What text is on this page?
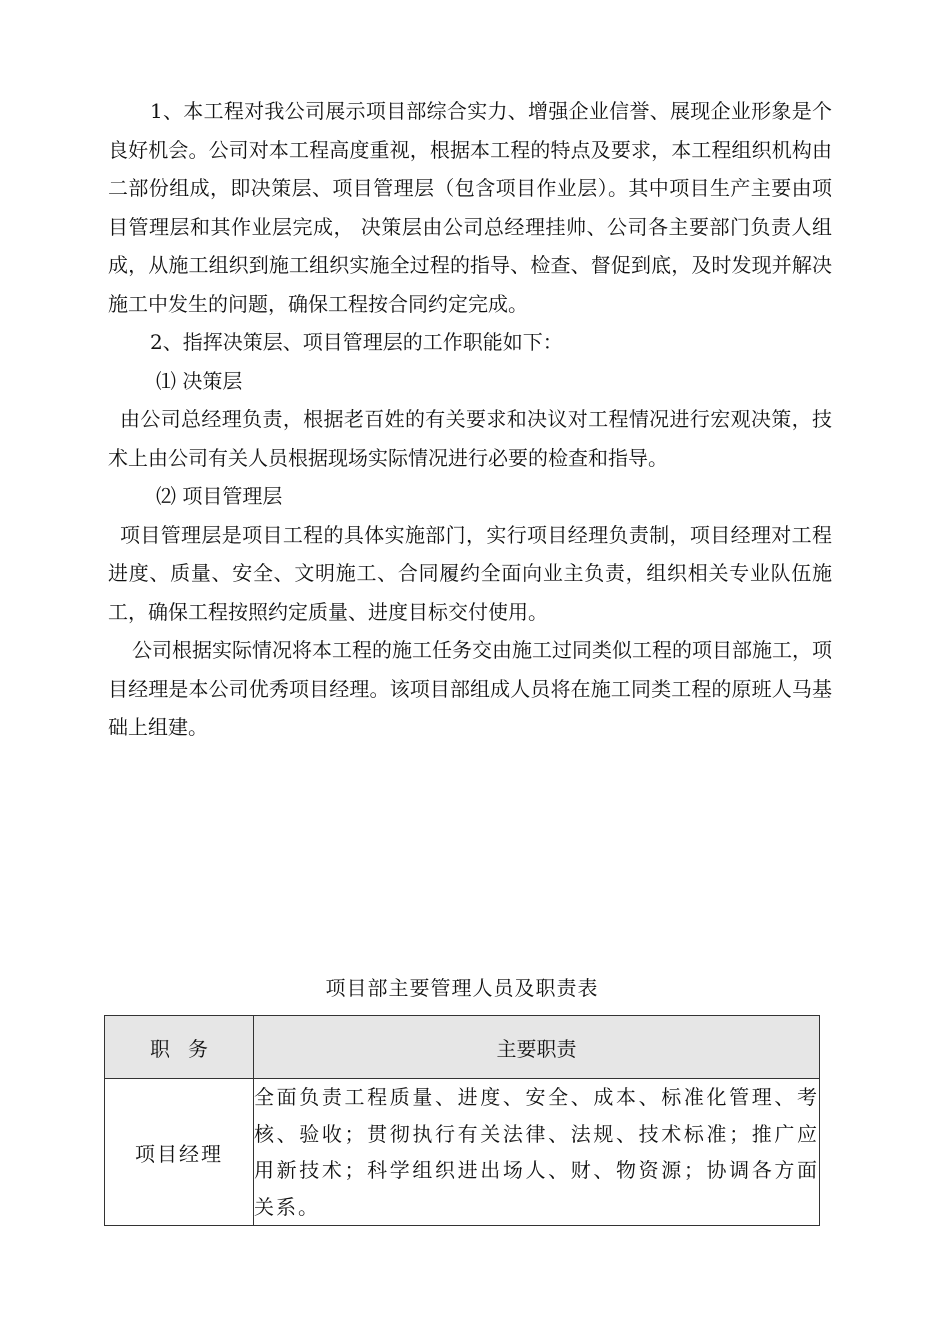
1、本工程对我公司展示项目部综合实力、增强企业信誉、展现企业形象是个良好机会。公司对本工程高度重视，根据本工程的特点及要求，本工程组织机构由二部份组成，即决策层、项目管理层（包含项目作业层）。其中项目生产主要由项目管理层和其作业层完成， 决策层由公司总经理挂帅、公司各主要部门负责人组成，从施工组织到施工组织实施全过程的指导、检查、督促到底，及时发现并解决施工中发生的问题，确保工程按合同约定完成。

2、指挥决策层、项目管理层的工作职能如下：

⑴ 决策层

由公司总经理负责，根据老百姓的有关要求和决议对工程情况进行宏观决策，技术上由公司有关人员根据现场实际情况进行必要的检查和指导。

⑵ 项目管理层

项目管理层是项目工程的具体实施部门，实行项目经理负责制，项目经理对工程进度、质量、安全、文明施工、合同履约全面向业主负责，组织相关专业队伍施工，确保工程按照约定质量、进度目标交付使用。

公司根据实际情况将本工程的施工任务交由施工过同类似工程的项目部施工，项目经理是本公司优秀项目经理。该项目部组成人员将在施工同类工程的原班人马基础上组建。

项目部主要管理人员及职责表
职务	主要职责
项目经理	全面负责工程质量、进度、安全、成本、标准化管理、考核、验收；贯彻执行有关法律、法规、技术标准；推广应用新技术；科学组织进出场人、财、物资源；协调各方面关系。
